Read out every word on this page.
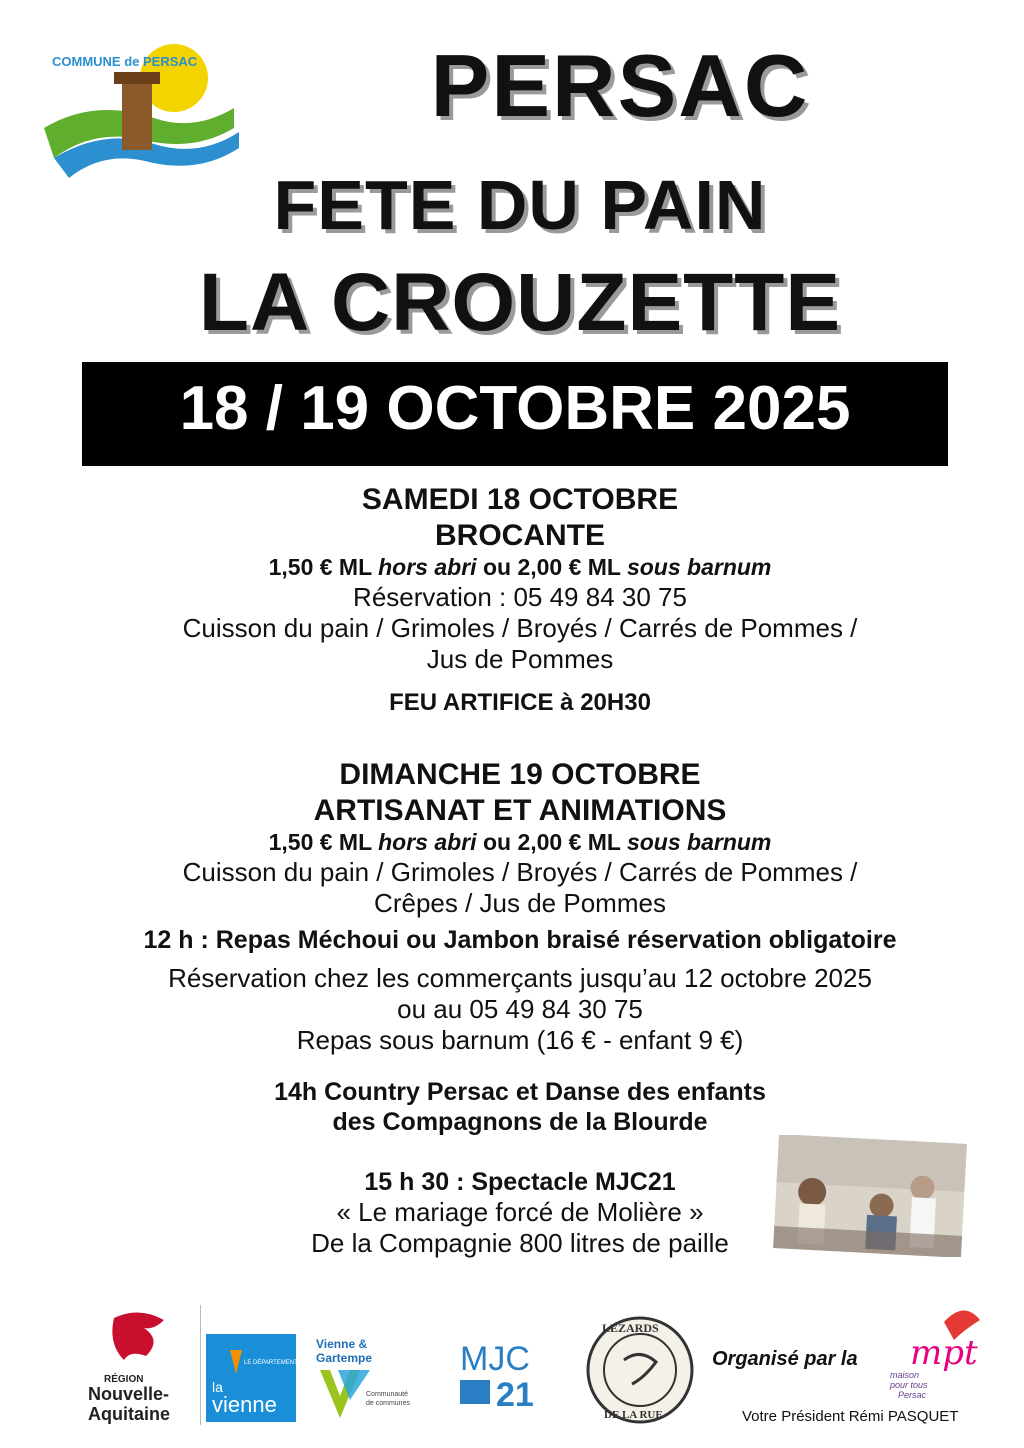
COMMUNE de PERSAC	PERSAC
FETE DU PAIN
LA CROUZETTE
18 / 19 OCTOBRE 2025
SAMEDI 18 OCTOBRE
BROCANTE
1,50 € ML hors abri ou 2,00 € ML sous barnum
Réservation : 05 49 84 30 75
Cuisson du pain / Grimoles / Broyés / Carrés de Pommes /
Jus de Pommes
FEU ARTIFICE à 20H30
DIMANCHE 19 OCTOBRE
ARTISANAT ET ANIMATIONS
1,50 € ML hors abri ou 2,00 € ML sous barnum
Cuisson du pain / Grimoles / Broyés / Carrés de Pommes /
Crêpes / Jus de Pommes
12 h : Repas Méchoui ou Jambon braisé réservation obligatoire
Réservation chez les commerçants jusqu’au 12 octobre 2025
ou au 05 49 84 30 75
Repas sous barnum (16 € - enfant 9 €)
14h Country Persac et Danse des enfants
des Compagnons de la Blourde
15 h 30 : Spectacle MJC21
« Le mariage forcé de Molière »
De la Compagnie 800 litres de paille
RÉGION
Nouvelle-
Aquitaine
la
LE DÉPARTEMENT
vienne
Vienne &
Gartempe
Communauté
de communes
MJC
21
LEZARDS
DE LA RUE
mpt
maison
pour tous
Persac
Organisé par la
Votre Président Rémi PASQUET
